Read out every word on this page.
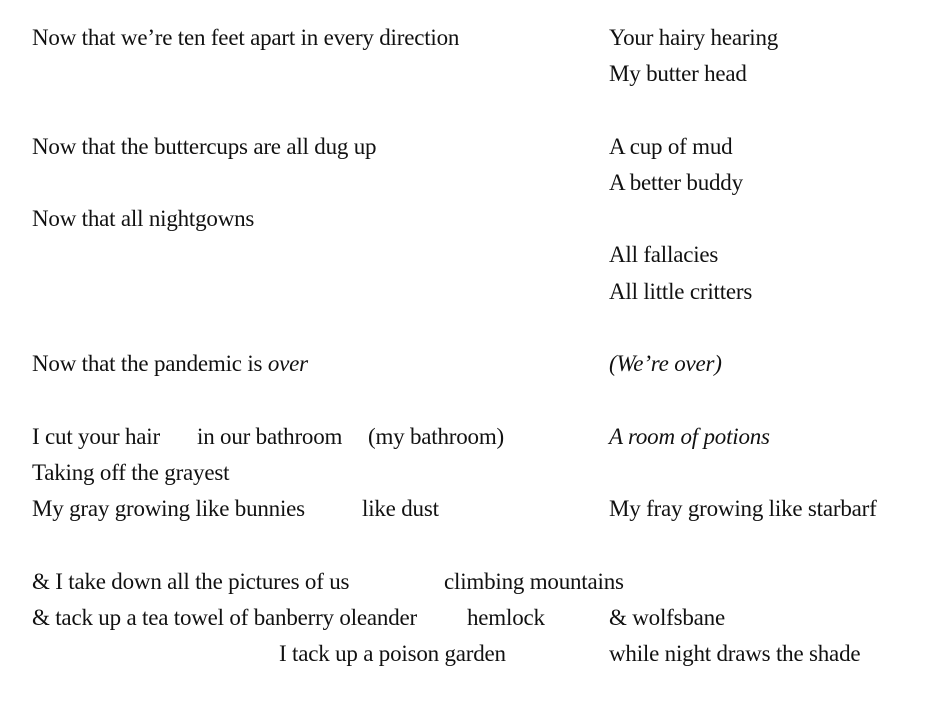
Now that we’re ten feet apart in every direction
Now that the buttercups are all dug up
Now that all nightgowns
Now that the pandemic is over
I cut your hair in our bathroom (my bathroom)
Taking off the grayest
My gray growing like bunnies like dust
& I take down all the pictures of us	climbing mountains
& tack up a tea towel of banberry oleander hemlock
I tack up a poison garden
Your hairy hearing
My butter head
A cup of mud
A better buddy
All fallacies
All little critters
(We’re over)
A room of potions
My fray growing like starbarf
& wolfsbane
while night draws the shade
